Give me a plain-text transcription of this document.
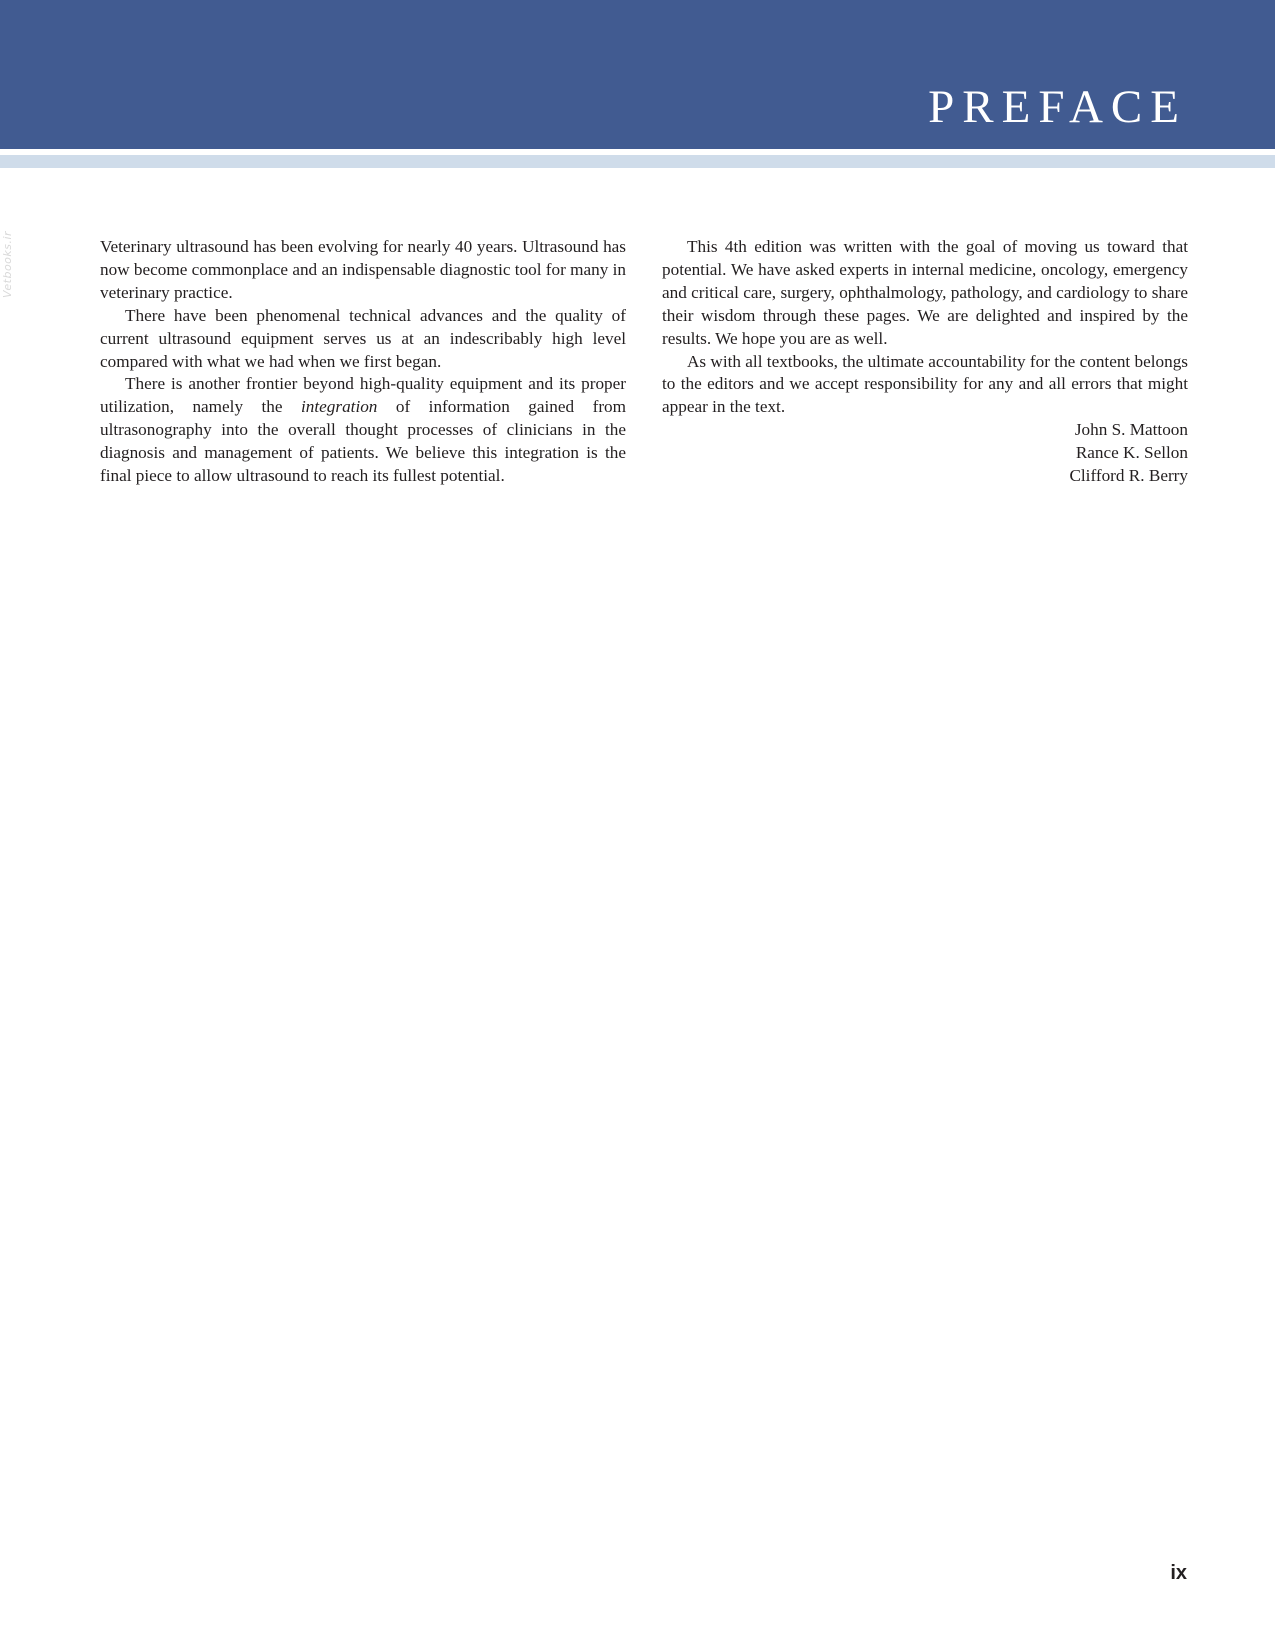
PREFACE
Vetbooks.ir	Veterinary ultrasound has been evolving for nearly 40 years. Ultrasound has now become commonplace and an indispensable diagnostic tool for many in veterinary practice.

There have been phenomenal technical advances and the quality of current ultrasound equipment serves us at an indescribably high level compared with what we had when we first began.

There is another frontier beyond high-quality equipment and its proper utilization, namely the integration of information gained from ultrasonography into the overall thought processes of clinicians in the diagnosis and management of patients. We believe this integration is the final piece to allow ultrasound to reach its fullest potential.

This 4th edition was written with the goal of moving us toward that potential. We have asked experts in internal medicine, oncology, emergency and critical care, surgery, ophthalmology, pathology, and cardiology to share their wisdom through these pages. We are delighted and inspired by the results. We hope you are as well.

As with all textbooks, the ultimate accountability for the content belongs to the editors and we accept responsibility for any and all errors that might appear in the text.

John S. Mattoon
Rance K. Sellon
Clifford R. Berry
ix
